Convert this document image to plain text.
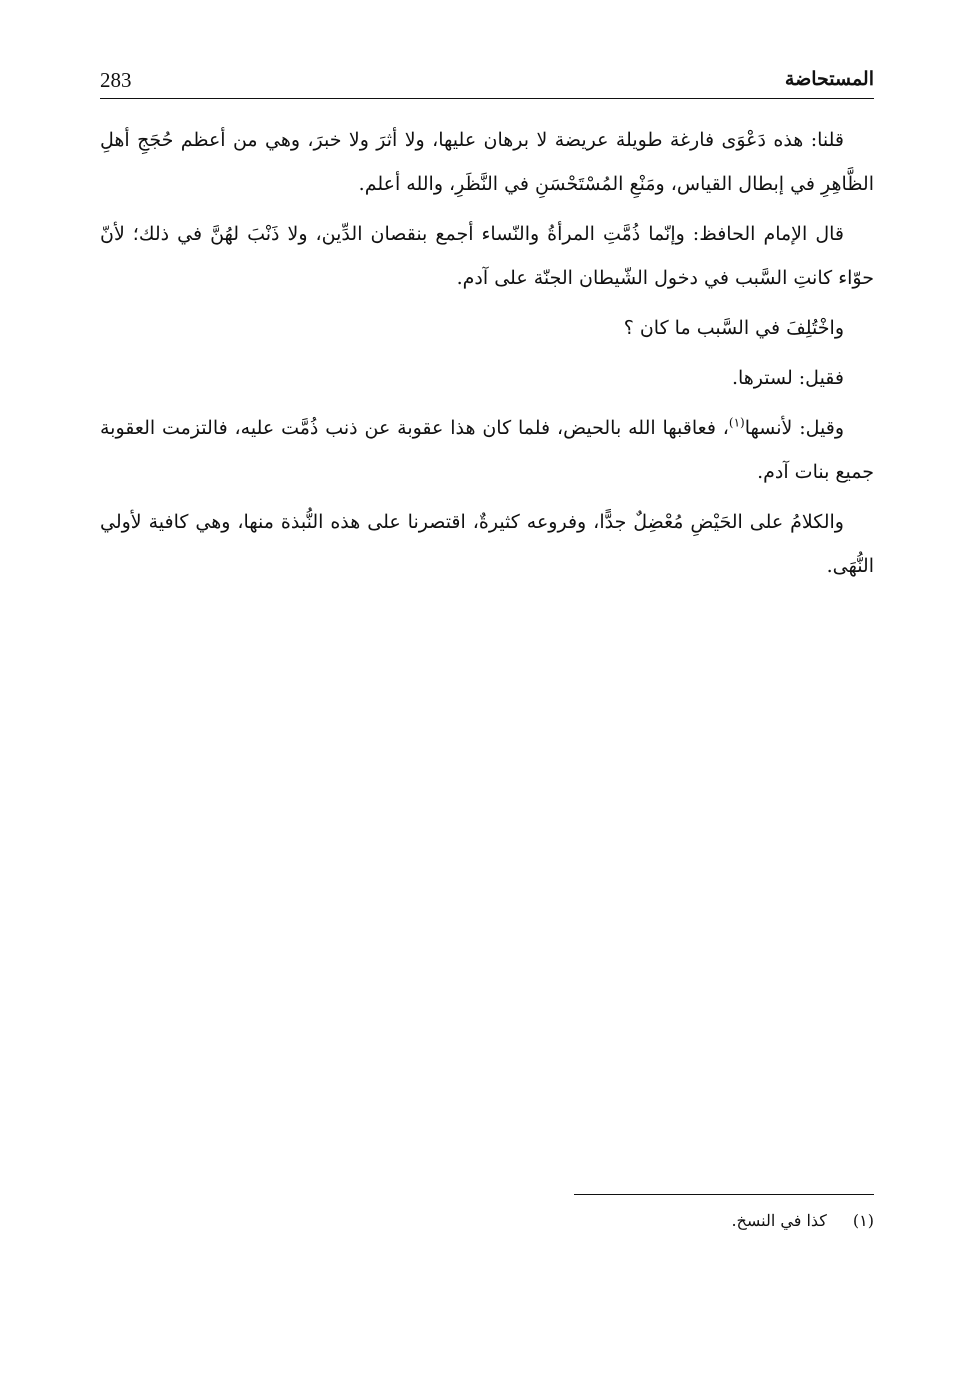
283	المستحاضة

قلنا: هذه دَعْوَى فارغة طويلة عريضة لا برهان عليها، ولا أثرَ ولا خبرَ، وهي من أعظم حُجَجِ أهلِ الظَّاهِرِ في إبطال القياس، ومَنْعِ المُسْتَحْسَنِ في النَّظَرِ، والله أعلم.

قال الإمام الحافظ: وإنّما ذُمَّتِ المرأةُ والنّساء أجمع بنقصان الدِّين، ولا ذَنْبَ لهُنَّ في ذلك؛ لأنّ حوّاء كانتِ السَّبب في دخول الشّيطان الجنّة على آدم.

واخْتُلِفَ في السَّبب ما كان ؟

فقيل: لسترها.

وقيل: لأنسها$^{(١)}$، فعاقبها الله بالحيض، فلما كان هذا عقوبة عن ذنب ذُمَّت عليه، فالتزمت العقوبة جميع بنات آدم.

والكلامُ على الحَيْضِ مُعْضِلٌ جدًّا، وفروعه كثيرةٌ، اقتصرنا على هذه النُّبذة منها، وهي كافية لأولي النُّهَى.

(١)كذا في النسخ.
